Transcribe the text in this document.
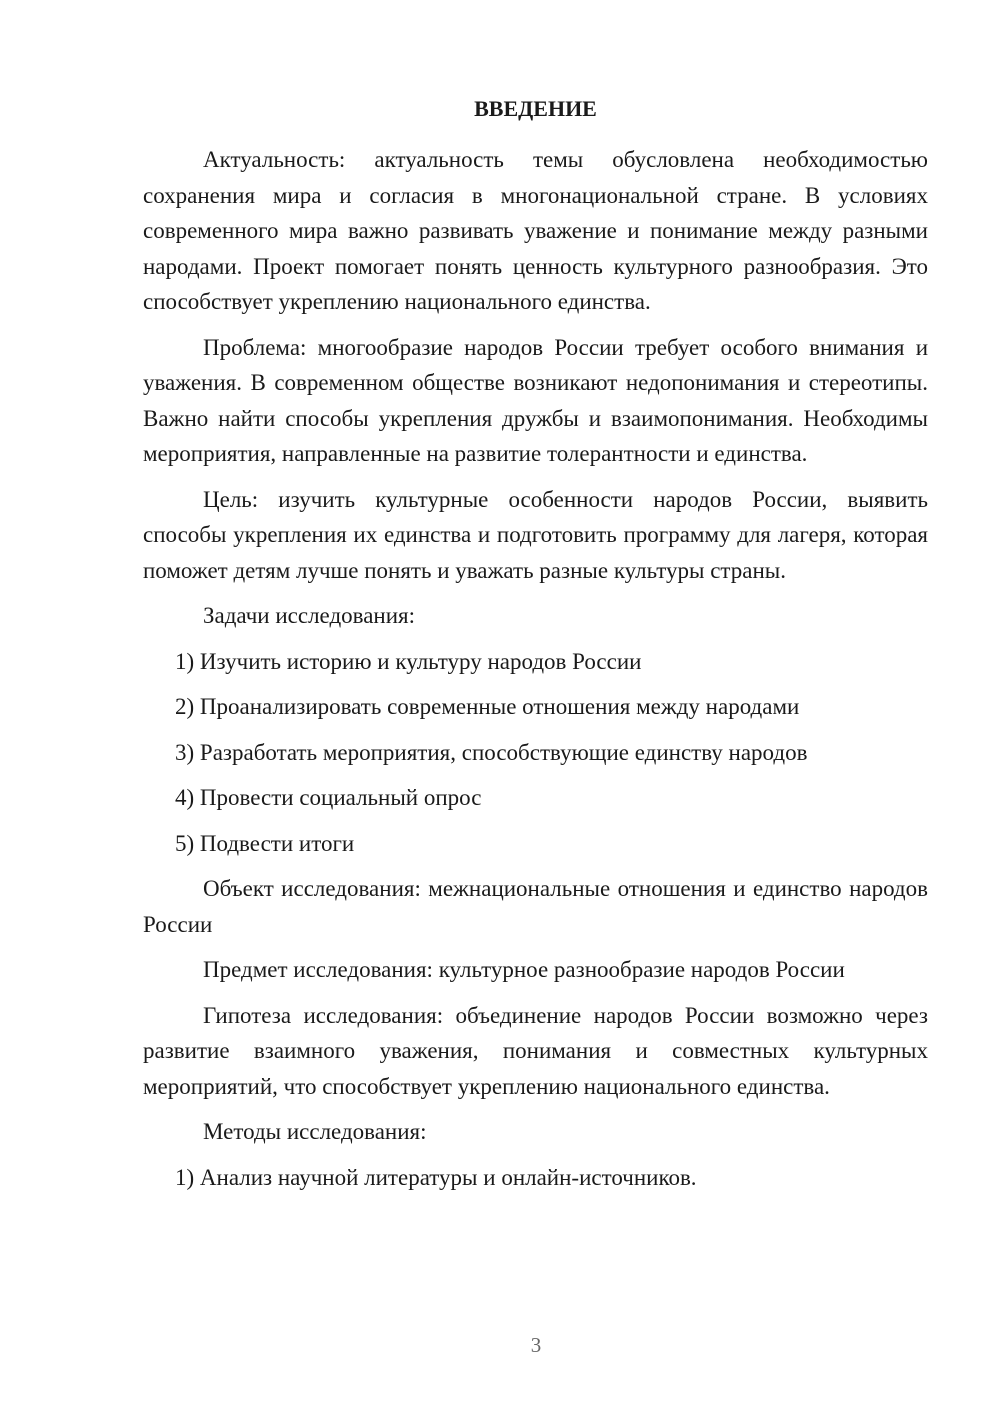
ВВЕДЕНИЕ

Актуальность: актуальность темы обусловлена необходимостью сохранения мира и согласия в многонациональной стране. В условиях современного мира важно развивать уважение и понимание между разными народами. Проект помогает понять ценность культурного разнообразия. Это способствует укреплению национального единства.

Проблема: многообразие народов России требует особого внимания и уважения. В современном обществе возникают недопонимания и стереотипы. Важно найти способы укрепления дружбы и взаимопонимания. Необходимы мероприятия, направленные на развитие толерантности и единства.

Цель: изучить культурные особенности народов России, выявить способы укрепления их единства и подготовить программу для лагеря, которая поможет детям лучше понять и уважать разные культуры страны.

Задачи исследования:

1) Изучить историю и культуру народов России
2) Проанализировать современные отношения между народами
3) Разработать мероприятия, способствующие единству народов
4) Провести социальный опрос
5) Подвести итоги

Объект исследования: межнациональные отношения и единство народов России

Предмет исследования: культурное разнообразие народов России

Гипотеза исследования: объединение народов России возможно через развитие взаимного уважения, понимания и совместных культурных мероприятий, что способствует укреплению национального единства.

Методы исследования:

1) Анализ научной литературы и онлайн-источников.
3
